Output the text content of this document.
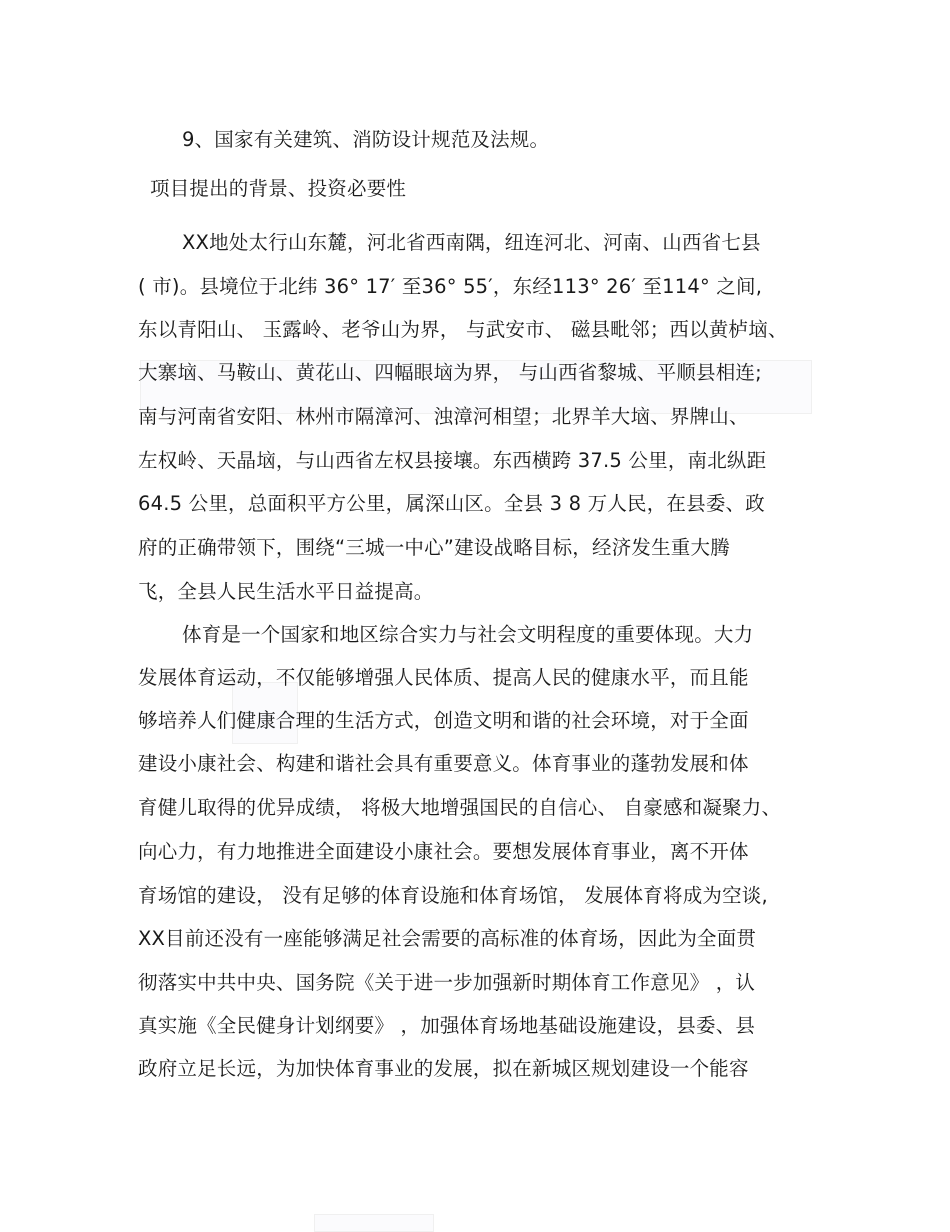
9、国家有关建筑、消防设计规范及法规。
项目提出的背景、投资必要性
XX地处太行山东麓，河北省西南隅，纽连河北、河南、山西省七县
( 市)。县境位于北纬 36° 17′ 至36° 55′，东经113° 26′ 至114° 之间,
东以青阳山、 玉露岭、老爷山为界， 与武安市、 磁县毗邻；西以黄栌垴、
大寨垴、马鞍山、黄花山、四幅眼垴为界， 与山西省黎城、平顺县相连;
南与河南省安阳、林州市隔漳河、浊漳河相望；北界羊大垴、界牌山、
左权岭、天晶垴，与山西省左权县接壤。东西横跨 37.5 公里，南北纵距
64.5 公里，总面积平方公里，属深山区。全县 3 8 万人民，在县委、政
府的正确带领下，围绕“三城一中心”建设战略目标，经济发生重大腾
飞，全县人民生活水平日益提高。
体育是一个国家和地区综合实力与社会文明程度的重要体现。大力
发展体育运动，不仅能够增强人民体质、提高人民的健康水平，而且能
够培养人们健康合理的生活方式，创造文明和谐的社会环境，对于全面
建设小康社会、构建和谐社会具有重要意义。体育事业的蓬勃发展和体
育健儿取得的优异成绩， 将极大地增强国民的自信心、 自豪感和凝聚力、
向心力，有力地推进全面建设小康社会。要想发展体育事业，离不开体
育场馆的建设， 没有足够的体育设施和体育场馆， 发展体育将成为空谈,
XX目前还没有一座能够满足社会需要的高标准的体育场，因此为全面贯
彻落实中共中央、国务院《关于进一步加强新时期体育工作意见》 ，认
真实施《全民健身计划纲要》 ，加强体育场地基础设施建设，县委、县
政府立足长远，为加快体育事业的发展，拟在新城区规划建设一个能容
